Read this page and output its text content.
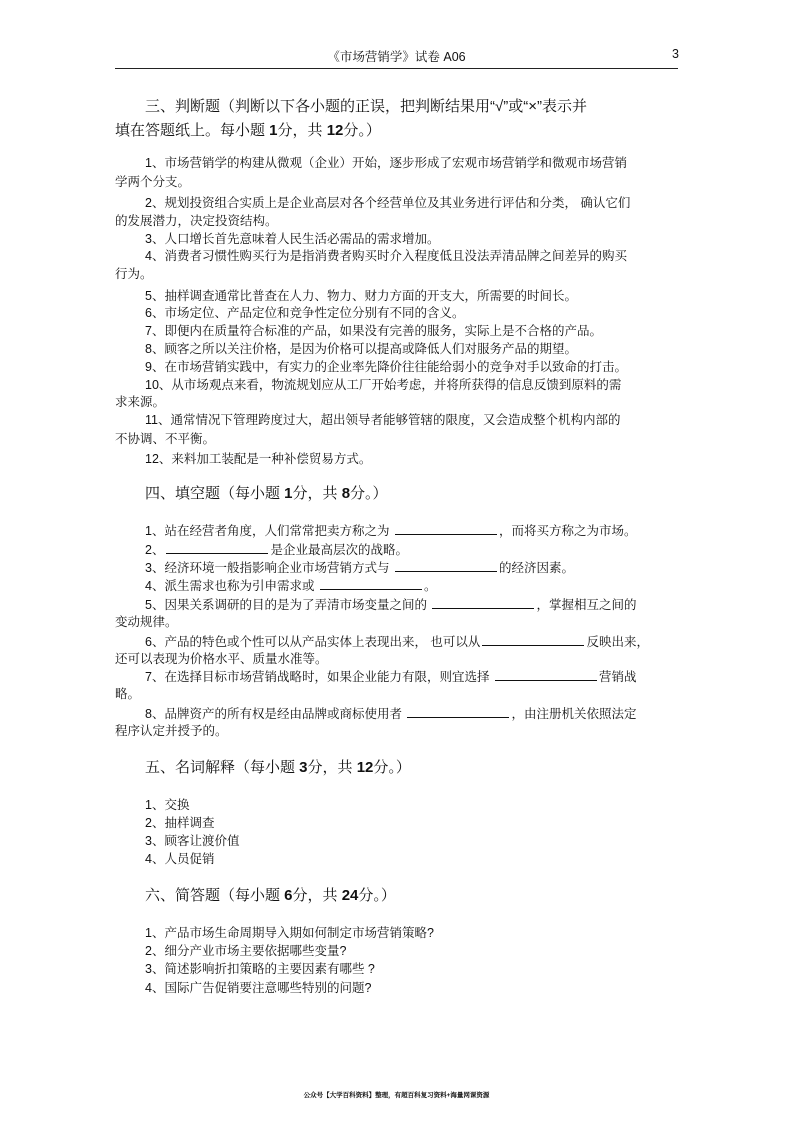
《市场营销学》试卷 A06	3
三、判断题（判断以下各小题的正误，把判断结果用“√”或“×”表示并
填在答题纸上。每小题 1分，共 12分。）
1、市场营销学的构建从微观（企业）开始，逐步形成了宏观市场营销学和微观市场营销
学两个分支。
2、规划投资组合实质上是企业高层对各个经营单位及其业务进行评估和分类， 确认它们
的发展潜力，决定投资结构。
3、人口增长首先意味着人民生活必需品的需求增加。
4、消费者习惯性购买行为是指消费者购买时介入程度低且没法弄清品牌之间差异的购买
行为。
5、抽样调查通常比普查在人力、物力、财力方面的开支大，所需要的时间长。
6、市场定位、产品定位和竞争性定位分别有不同的含义。
7、即便内在质量符合标准的产品，如果没有完善的服务，实际上是不合格的产品。
8、顾客之所以关注价格，是因为价格可以提高或降低人们对服务产品的期望。
9、在市场营销实践中，有实力的企业率先降价往往能给弱小的竞争对手以致命的打击。
10、从市场观点来看，物流规划应从工厂开始考虑，并将所获得的信息反馈到原料的需
求来源。
11、通常情况下管理跨度过大，超出领导者能够管辖的限度，又会造成整个机构内部的
不协调、不平衡。
12、来料加工装配是一种补偿贸易方式。
四、填空题（每小题 1分，共 8分。）
1、站在经营者角度，人们常常把卖方称之为	，而将买方称之为市场。
2、	是企业最高层次的战略。
3、经济环境一般指影响企业市场营销方式与	的经济因素。
4、派生需求也称为引申需求或	。
5、因果关系调研的目的是为了弄清市场变量之间的	，掌握相互之间的
变动规律。
6、产品的特色或个性可以从产品实体上表现出来， 也可以从	反映出来，
还可以表现为价格水平、质量水准等。
7、在选择目标市场营销战略时，如果企业能力有限，则宜选择	营销战
略。
8、品牌资产的所有权是经由品牌或商标使用者	，由注册机关依照法定
程序认定并授予的。
五、名词解释（每小题 3分，共 12分。）
1、交换
2、抽样调查
3、顾客让渡价值
4、人员促销
六、简答题（每小题 6分，共 24分。）
1、产品市场生命周期导入期如何制定市场营销策略?
2、细分产业市场主要依据哪些变量?
3、简述影响折扣策略的主要因素有哪些 ?
4、国际广告促销要注意哪些特别的问题?
公众号【大学百科资料】整理，有超百科复习资料+海量网课资源
